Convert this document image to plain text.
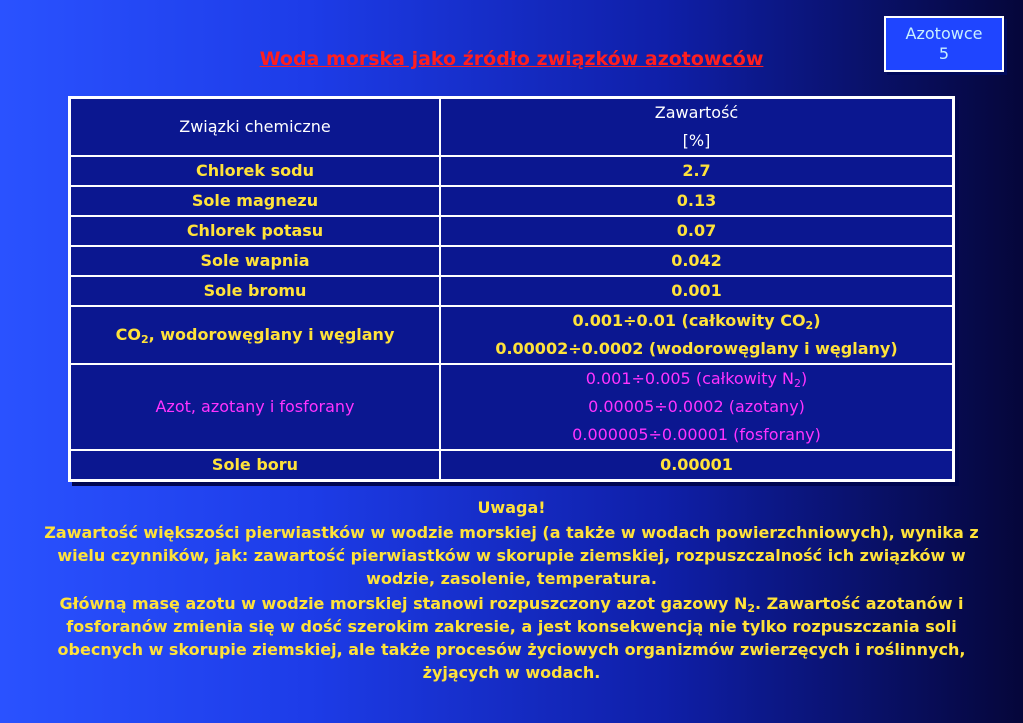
Azotowce
5
Woda morska jako źródło związków azotowców
Związki chemiczne	Zawartość
[%]

Chlorek sodu	2.7
Sole magnezu	0.13
Chlorek potasu	0.07
Sole wapnia	0.042
Sole bromu	0.001
$CO_2$, wodorowęglany i węglany	0.001÷0.01 (całkowity $CO_2$)
0.00002÷0.0002 (wodorowęglany i węglany)

Azot, azotany i fosforany	0.001÷0.005 (całkowity $N_2$)
0.00005÷0.0002 (azotany)
0.000005÷0.00001 (fosforany)

Sole boru	0.00001

Uwaga!

Zawartość większości pierwiastków w wodzie morskiej (a także w wodach powierzchniowych), wynika z wielu czynników, jak: zawartość pierwiastków w skorupie ziemskiej, rozpuszczalność ich związków w wodzie, zasolenie, temperatura.

Główną masę azotu w wodzie morskiej stanowi rozpuszczony azot gazowy $N_2$. Zawartość azotanów i fosforanów zmienia się w dość szerokim zakresie, a jest konsekwencją nie tylko rozpuszczania soli obecnych w skorupie ziemskiej, ale także procesów życiowych organizmów zwierzęcych i roślinnych, żyjących w wodach.
